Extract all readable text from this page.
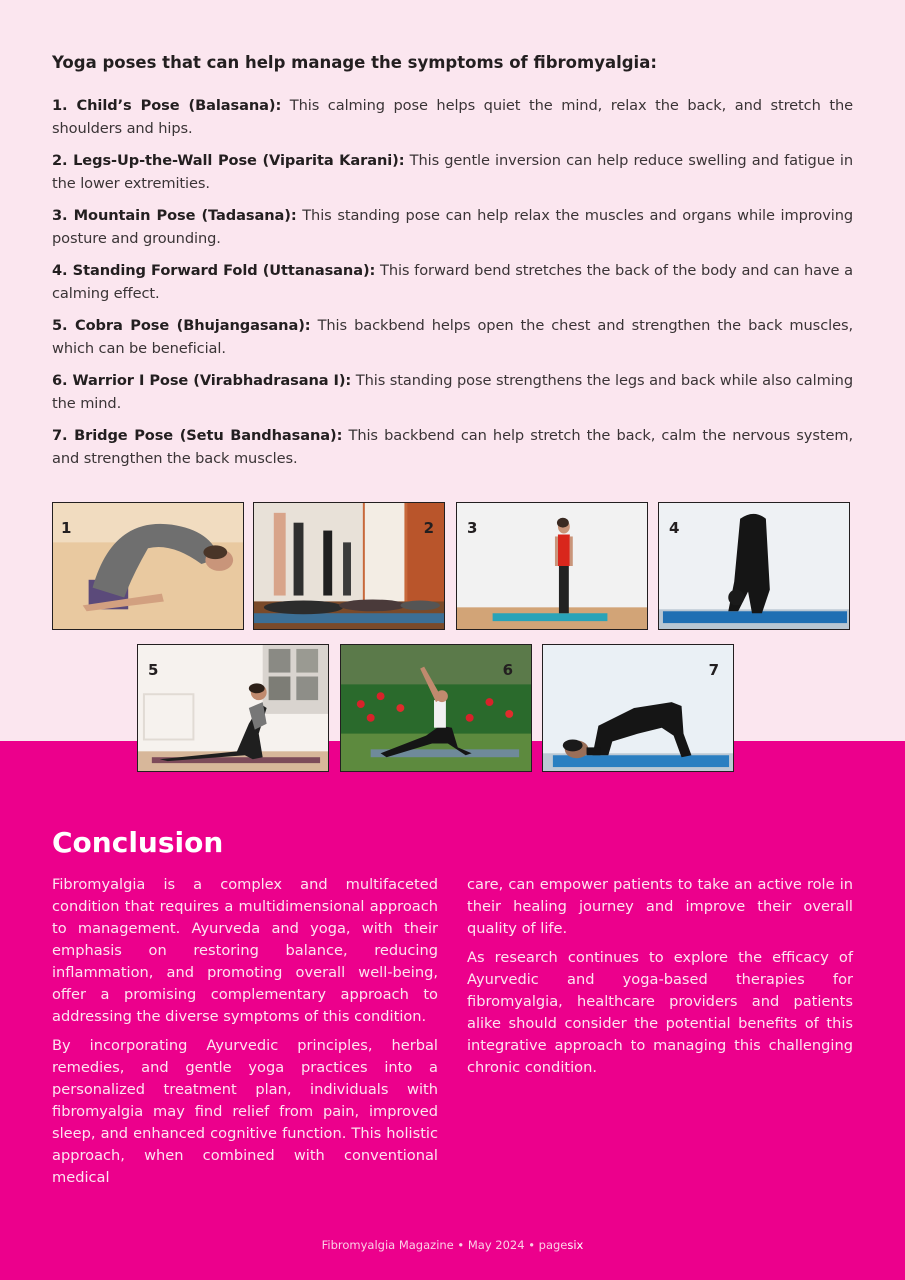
Yoga poses that can help manage the symptoms of fibromyalgia:
1. Child’s Pose (Balasana): This calming pose helps quiet the mind, relax the back, and stretch the shoulders and hips.
2. Legs-Up-the-Wall Pose (Viparita Karani): This gentle inversion can help reduce swelling and fatigue in the lower extremities.
3. Mountain Pose (Tadasana): This standing pose can help relax the muscles and organs while improving posture and grounding.
4. Standing Forward Fold (Uttanasana): This forward bend stretches the back of the body and can have a calming effect.
5. Cobra Pose (Bhujangasana): This backbend helps open the chest and strengthen the back muscles, which can be beneficial.
6. Warrior I Pose (Virabhadrasana I): This standing pose strengthens the legs and back while also calming the mind.
7. Bridge Pose (Setu Bandhasana): This backbend can help stretch the back, calm the nervous system, and strengthen the back muscles.
1	2 3	4
5	6	7
Conclusion

Fibromyalgia is a complex and multifaceted condition that requires a multidimensional approach to management. Ayurveda and yoga, with their emphasis on restoring balance, reducing inflammation, and promoting overall well-being, offer a promising complementary approach to addressing the diverse symptoms of this condition.

By incorporating Ayurvedic principles, herbal remedies, and gentle yoga practices into a personalized treatment plan, individuals with fibromyalgia may find relief from pain, improved sleep, and enhanced cognitive function. This holistic approach, when combined with conventional medical

care, can empower patients to take an active role in their healing journey and improve their overall quality of life.

As research continues to explore the efficacy of Ayurvedic and yoga-based therapies for fibromyalgia, healthcare providers and patients alike should consider the potential benefits of this integrative approach to managing this challenging chronic condition.

Fibromyalgia Magazine • May 2024 • pagesix
